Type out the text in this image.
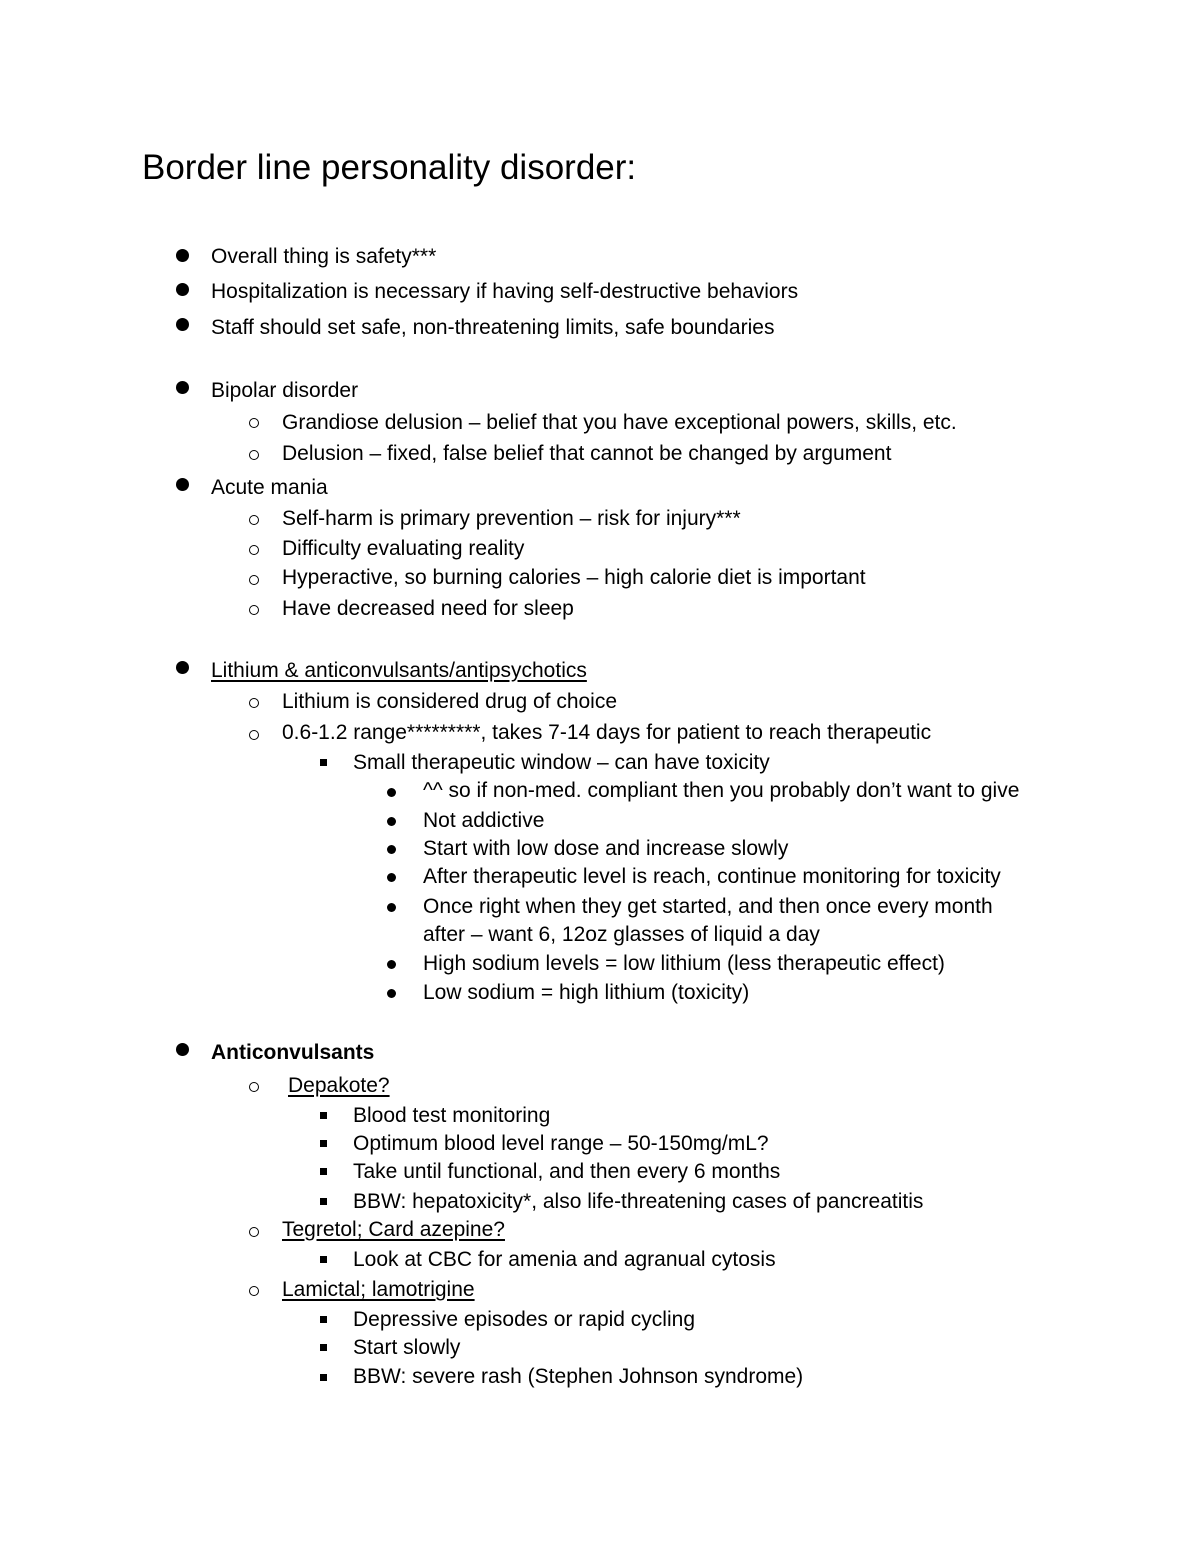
Border line personality disorder:
Overall thing is safety***
Hospitalization is necessary if having self-destructive behaviors
Staff should set safe, non-threatening limits, safe boundaries
Bipolar disorder
Grandiose delusion – belief that you have exceptional powers, skills, etc.
Delusion – fixed, false belief that cannot be changed by argument
Acute mania
Self-harm is primary prevention – risk for injury***
Difficulty evaluating reality
Hyperactive, so burning calories – high calorie diet is important
Have decreased need for sleep
Lithium & anticonvulsants/antipsychotics
Lithium is considered drug of choice
0.6-1.2 range*********, takes 7-14 days for patient to reach therapeutic
Small therapeutic window – can have toxicity
^^ so if non-med. compliant then you probably don’t want to give
Not addictive
Start with low dose and increase slowly
After therapeutic level is reach, continue monitoring for toxicity
Once right when they get started, and then once every month
after – want 6, 12oz glasses of liquid a day
High sodium levels = low lithium (less therapeutic effect)
Low sodium = high lithium (toxicity)
Anticonvulsants
Depakote?
Blood test monitoring
Optimum blood level range – 50-150mg/mL?
Take until functional, and then every 6 months
BBW: hepatoxicity*, also life-threatening cases of pancreatitis
Tegretol; Card azepine?
Look at CBC for amenia and agranual cytosis
Lamictal; lamotrigine
Depressive episodes or rapid cycling
Start slowly
BBW: severe rash (Stephen Johnson syndrome)
